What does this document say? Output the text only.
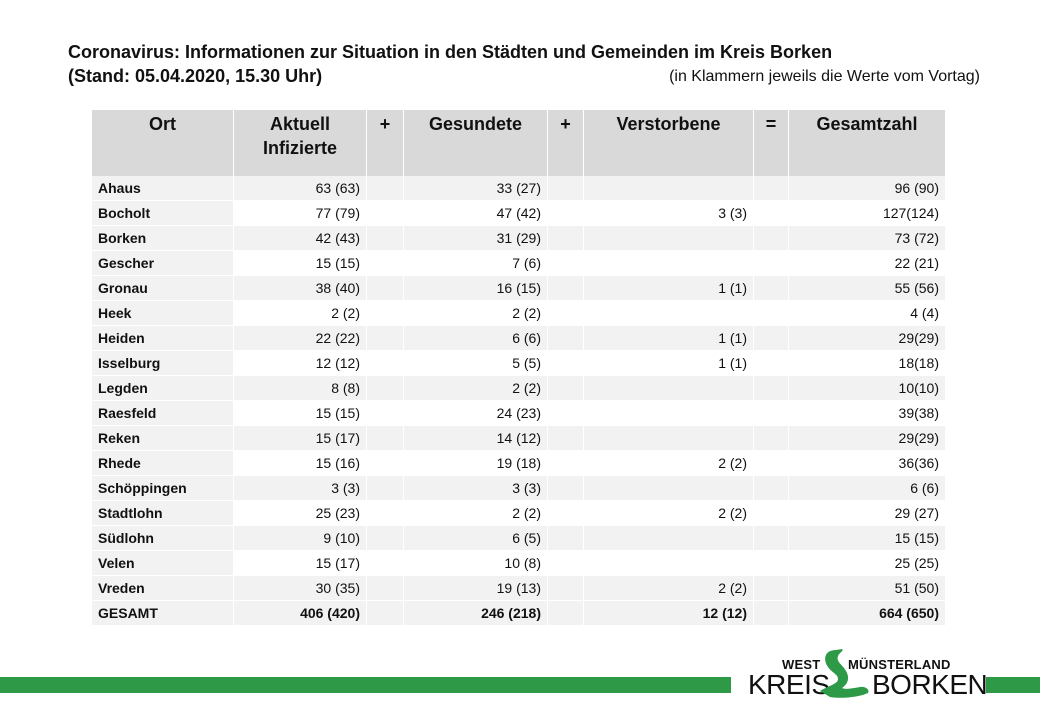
Coronavirus: Informationen zur Situation in den Städten und Gemeinden im Kreis Borken
(Stand: 05.04.2020, 15.30 Uhr)	(in Klammern jeweils die Werte vom Vortag)
Ort	Aktuell Infizierte	+	Gesundete	+	Verstorbene	=	Gesamtzahl
Ahaus	63 (63)		33 (27)				96 (90)
Bocholt	77 (79)		47 (42)		3 (3)		127(124)
Borken	42 (43)		31 (29)				73 (72)
Gescher	15 (15)		7 (6)				22 (21)
Gronau	38 (40)		16 (15)		1 (1)		55 (56)
Heek	2 (2)		2 (2)				4 (4)
Heiden	22 (22)		6 (6)		1 (1)		29(29)
Isselburg	12 (12)		5 (5)		1 (1)		18(18)
Legden	8 (8)		2 (2)				10(10)
Raesfeld	15 (15)		24 (23)				39(38)
Reken	15 (17)		14 (12)				29(29)
Rhede	15 (16)		19 (18)		2 (2)		36(36)
Schöppingen	3 (3)		3 (3)				6 (6)
Stadtlohn	25 (23)		2 (2)		2 (2)		29 (27)
Südlohn	9 (10)		6 (5)				15 (15)
Velen	15 (17)		10 (8)				25 (25)
Vreden	30 (35)		19 (13)		2 (2)		51 (50)
GESAMT	406 (420)		246 (218)		12 (12)		664 (650)
WEST MÜNSTERLAND
KREIS BORKEN
